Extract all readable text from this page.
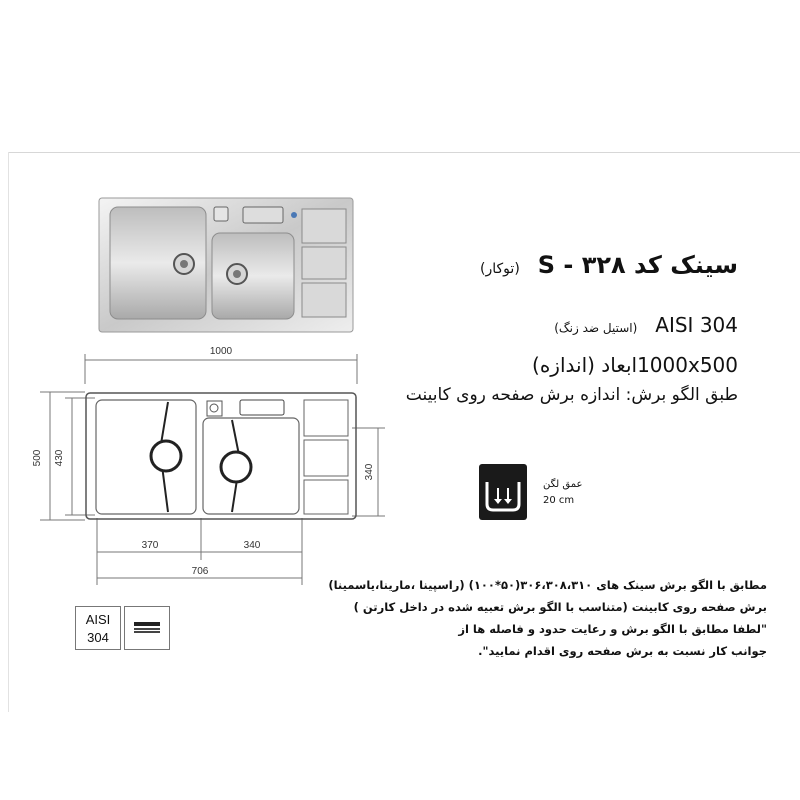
سینک کد S - ۳۲۸(توکار)
AISI 304(استیل ضد زنگ)
1000x500ابعاد (اندازه)
طبق الگو برش: اندازه برش صفحه روی کابینت
عمق لگن
20 cm
1000
500 430
340
370	340
706
مطابق با الگو برش سینک های ۳۰۶،۳۰۸،۳۱۰(۵۰*۱۰۰) (راسپینا ،مارینا،یاسمینا)
برش صفحه روی کابینت (متناسب با الگو برش تعبیه شده در داخل کارتن )
"لطفا مطابق با الگو برش و رعایت حدود و فاصله ها از
جوانب کار نسبت به برش صفحه روی اقدام نمایید".
AISI
304
